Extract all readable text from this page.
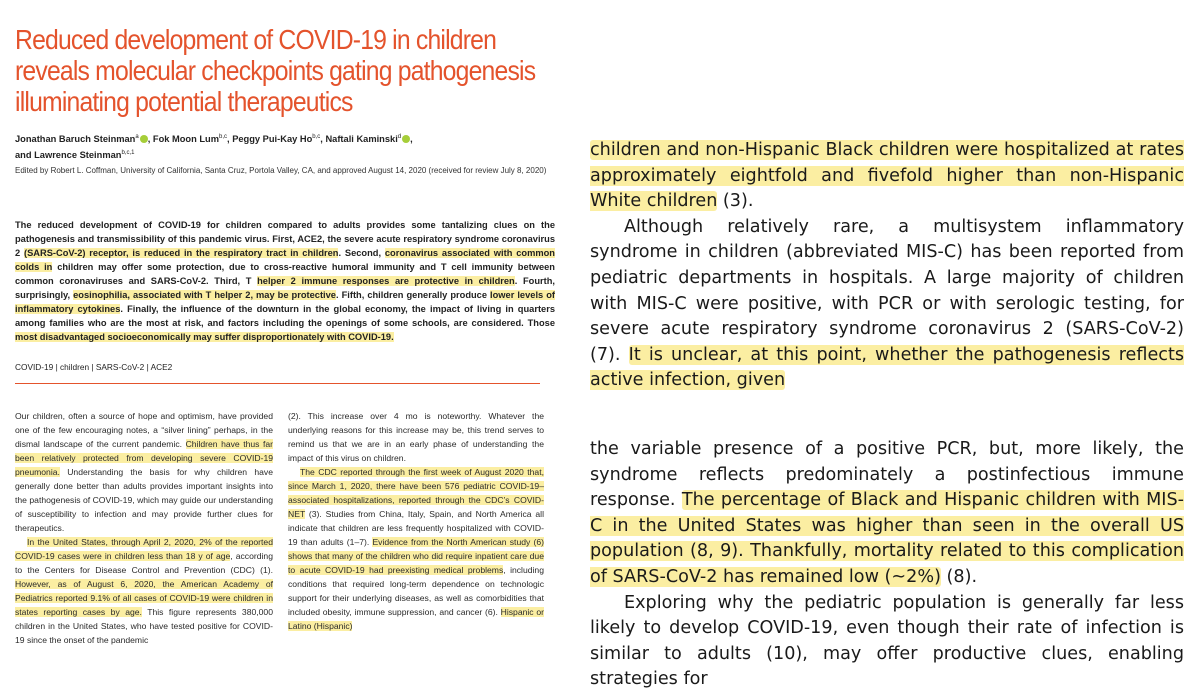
Reduced development of COVID-19 in children
reveals molecular checkpoints gating pathogenesis
illuminating potential therapeutics
Jonathan Baruch Steinman$^a$ , Fok Moon Lum$^{b,c}$, Peggy Pui-Kay Ho$^{b,c}$, Naftali Kaminski$^d$ ,
and Lawrence Steinman$^{b,c,1}$
Edited by Robert L. Coffman, University of California, Santa Cruz, Portola Valley, CA, and approved August 14, 2020 (received for review July 8, 2020)
The reduced development of COVID-19 for children compared to adults provides some tantalizing clues on the pathogenesis and transmissibility of this pandemic virus. First, ACE2, the severe acute respiratory syndrome coronavirus 2 (SARS-CoV-2) receptor, is reduced in the respiratory tract in children. Second, coronavirus associated with common colds in children may offer some protection, due to cross-reactive humoral immunity and T cell immunity between common coronaviruses and SARS-CoV-2. Third, T helper 2 immune responses are protective in children. Fourth, surprisingly, eosinophilia, associated with T helper 2, may be protective. Fifth, children generally produce lower levels of inflammatory cytokines. Finally, the influence of the downturn in the global economy, the impact of living in quarters among families who are the most at risk, and factors including the openings of some schools, are considered. Those most disadvantaged socioeconomically may suffer disproportionately with COVID-19.
COVID-19 | children | SARS-CoV-2 | ACE2

Our children, often a source of hope and optimism, have provided one of the few encouraging notes, a “silver lining” perhaps, in the dismal landscape of the current pandemic. Children have thus far been relatively protected from developing severe COVID-19 pneumonia. Understanding the basis for why children have generally done better than adults provides important insights into the pathogenesis of COVID-19, which may guide our understanding of susceptibility to infection and may provide further clues for therapeutics.

In the United States, through April 2, 2020, 2% of the reported COVID-19 cases were in children less than 18 y of age, according to the Centers for Disease Control and Prevention (CDC) (1). However, as of August 6, 2020, the American Academy of Pediatrics reported 9.1% of all cases of COVID-19 were children in states reporting cases by age. This figure represents 380,000 children in the United States, who have tested positive for COVID-19 since the onset of the pandemic

(2). This increase over 4 mo is noteworthy. Whatever the underlying reasons for this increase may be, this trend serves to remind us that we are in an early phase of understanding the impact of this virus on children.

The CDC reported through the first week of August 2020 that, since March 1, 2020, there have been 576 pediatric COVID-19–associated hospitalizations, reported through the CDC’s COVID-NET (3). Studies from China, Italy, Spain, and North America all indicate that children are less frequently hospitalized with COVID-19 than adults (1–7). Evidence from the North American study (6) shows that many of the children who did require inpatient care due to acute COVID-19 had preexisting medical problems, including conditions that required long-term dependence on technologic support for their underlying diseases, as well as comorbidities that included obesity, immune suppression, and cancer (6). Hispanic or Latino (Hispanic)

children and non-Hispanic Black children were hospitalized at rates approximately eightfold and fivefold higher than non-Hispanic White children (3).

Although relatively rare, a multisystem inflammatory syndrome in children (abbreviated MIS-C) has been reported from pediatric departments in hospitals. A large majority of children with MIS-C were positive, with PCR or with serologic testing, for severe acute respiratory syndrome coronavirus 2 (SARS-CoV-2) (7). It is unclear, at this point, whether the pathogenesis reflects active infection, given

the variable presence of a positive PCR, but, more likely, the syndrome reflects predominately a postinfectious immune response. The percentage of Black and Hispanic children with MIS-C in the United States was higher than seen in the overall US population (8, 9). Thankfully, mortality related to this complication of SARS-CoV-2 has remained low (~2%) (8).

Exploring why the pediatric population is generally far less likely to develop COVID-19, even though their rate of infection is similar to adults (10), may offer productive clues, enabling strategies for
